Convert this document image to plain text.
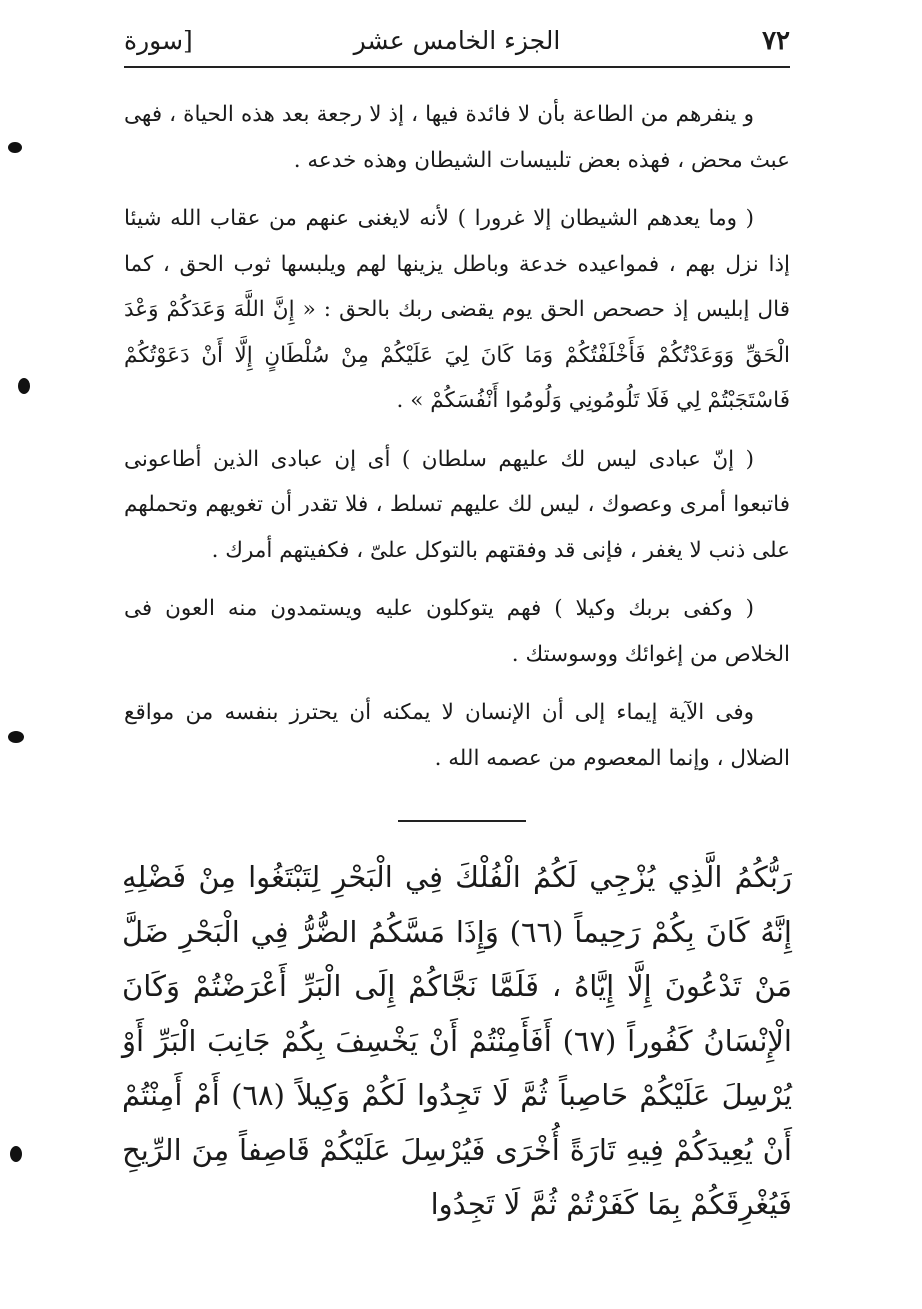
٧٢
الجزء الخامس عشر
[سورة

و ينفرهم من الطاعة بأن لا فائدة فيها ، إذ لا رجعة بعد هذه الحياة ، فهى عبث محض ، فهذه بعض تلبيسات الشيطان وهذه خدعه .

( وما يعدهم الشيطان إلا غرورا ) لأنه لايغنى عنهم من عقاب الله شيئا إذا نزل بهم ، فمواعيده خدعة وباطل يزينها لهم ويلبسها ثوب الحق ، كما قال إبليس إذ حصحص الحق يوم يقضى ربك بالحق : « إِنَّ اللَّهَ وَعَدَكُمْ وَعْدَ الْحَقِّ وَوَعَدْتُكُمْ فَأَخْلَفْتُكُمْ وَمَا كَانَ لِيَ عَلَيْكُمْ مِنْ سُلْطَانٍ إِلَّا أَنْ دَعَوْتُكُمْ فَاسْتَجَبْتُمْ لِي فَلَا تَلُومُونِي وَلُومُوا أَنْفُسَكُمْ » .

( إنّ عبادى ليس لك عليهم سلطان ) أى إن عبادى الذين أطاعونى فاتبعوا أمرى وعصوك ، ليس لك عليهم تسلط ، فلا تقدر أن تغويهم وتحملهم على ذنب لا يغفر ، فإنى قد وفقتهم بالتوكل علىّ ، فكفيتهم أمرك .

( وكفى بربك وكيلا ) فهم يتوكلون عليه ويستمدون منه العون فى الخلاص من إغوائك ووسوستك .

وفى الآية إيماء إلى أن الإنسان لا يمكنه أن يحترز بنفسه من مواقع الضلال ، وإنما المعصوم من عصمه الله .

رَبُّكُمُ الَّذِي يُزْجِي لَكُمُ الْفُلْكَ فِي الْبَحْرِ لِتَبْتَغُوا مِنْ فَضْلِهِ إِنَّهُ كَانَ بِكُمْ رَحِيماً (٦٦) وَإِذَا مَسَّكُمُ الضُّرُّ فِي الْبَحْرِ ضَلَّ مَنْ تَدْعُونَ إِلَّا إِيَّاهُ ، فَلَمَّا نَجَّاكُمْ إِلَى الْبَرِّ أَعْرَضْتُمْ وَكَانَ الْإِنْسَانُ كَفُوراً (٦٧) أَفَأَمِنْتُمْ أَنْ يَخْسِفَ بِكُمْ جَانِبَ الْبَرِّ أَوْ يُرْسِلَ عَلَيْكُمْ حَاصِباً ثُمَّ لَا تَجِدُوا لَكُمْ وَكِيلاً (٦٨) أَمْ أَمِنْتُمْ أَنْ يُعِيدَكُمْ فِيهِ تَارَةً أُخْرَى فَيُرْسِلَ عَلَيْكُمْ قَاصِفاً مِنَ الرِّيحِ فَيُغْرِقَكُمْ بِمَا كَفَرْتُمْ ثُمَّ لَا تَجِدُوا
